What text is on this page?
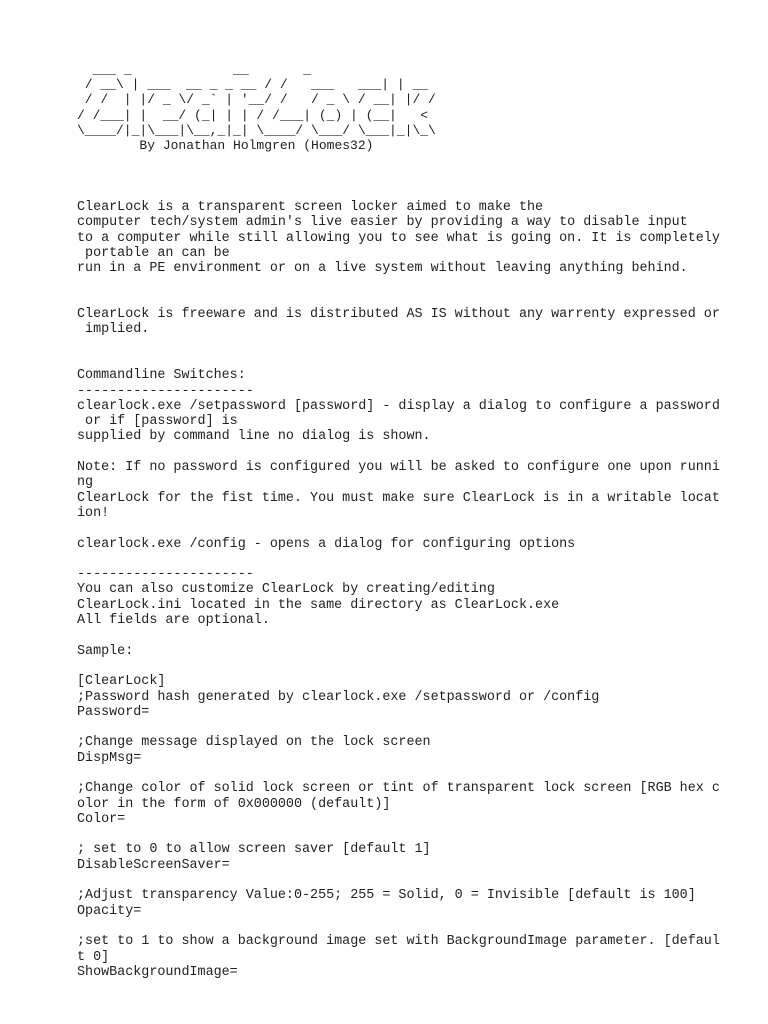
___ _             __       _
/ __\ | ___  __ _ _ __ / /   ___   ___| | __
/ /  | |/ _ \/ _` | '__/ /   / _ \ / __| |/ /
/ /___| |  __/ (_| | | / /___| (_) | (__|   <
\____/|_|\___|\__,_|_| \____/ \___/ \___|_|\_\
By Jonathan Holmgren (Homes32)
ClearLock is a transparent screen locker aimed to make the
computer tech/system admin's live easier by providing a way to disable input
to a computer while still allowing you to see what is going on. It is completely
portable an can be
run in a PE environment or on a live system without leaving anything behind.

ClearLock is freeware and is distributed AS IS without any warrenty expressed or
implied.

Commandline Switches:
----------------------
clearlock.exe /setpassword [password] - display a dialog to configure a password
or if [password] is
supplied by command line no dialog is shown.

Note: If no password is configured you will be asked to configure one upon runni
ng
ClearLock for the fist time. You must make sure ClearLock is in a writable locat
ion!

clearlock.exe /config - opens a dialog for configuring options

----------------------
You can also customize ClearLock by creating/editing
ClearLock.ini located in the same directory as ClearLock.exe
All fields are optional.

Sample:

[ClearLock]
;Password hash generated by clearlock.exe /setpassword or /config
Password=

;Change message displayed on the lock screen
DispMsg=

;Change color of solid lock screen or tint of transparent lock screen [RGB hex c
olor in the form of 0x000000 (default)]
Color=

; set to 0 to allow screen saver [default 1]
DisableScreenSaver=

;Adjust transparency Value:0-255; 255 = Solid, 0 = Invisible [default is 100]
Opacity=

;set to 1 to show a background image set with BackgroundImage parameter. [defaul
t 0]
ShowBackgroundImage=
